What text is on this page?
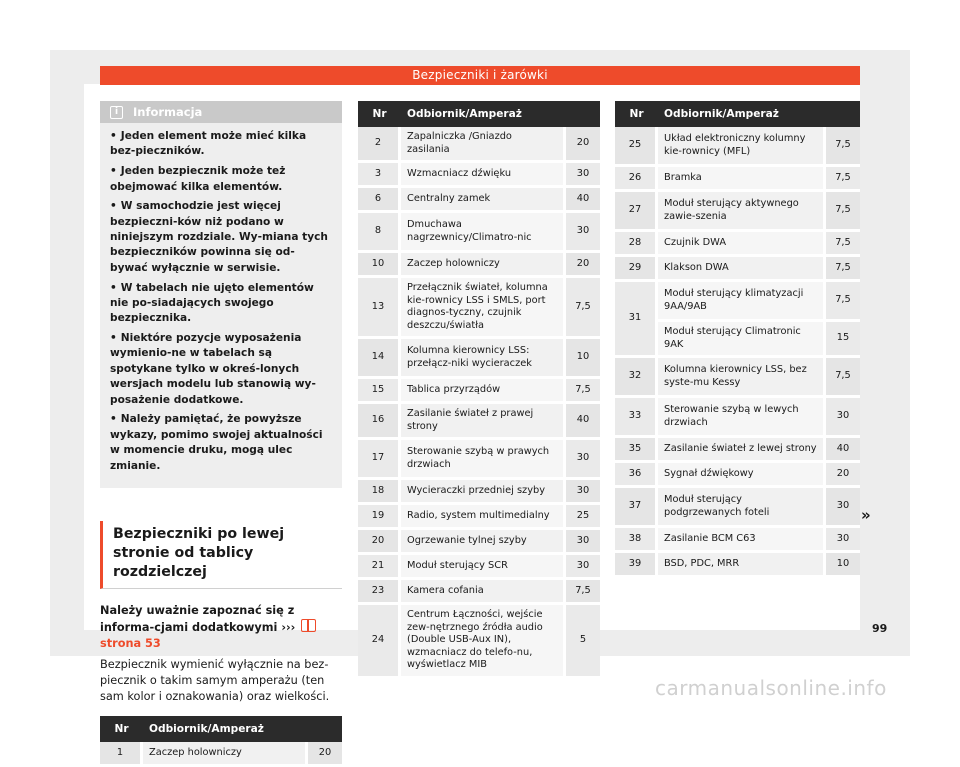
Bezpieczniki i żarówki
i	Informacja
• Jeden element może mieć kilka bez-pieczników.
• Jeden bezpiecznik może też obejmować kilka elementów.
• W samochodzie jest więcej bezpieczni-ków niż podano w niniejszym rozdziale. Wy-miana tych bezpieczników powinna się od-bywać wyłącznie w serwisie.
• W tabelach nie ujęto elementów nie po-siadających swojego bezpiecznika.
• Niektóre pozycje wyposażenia wymienio-ne w tabelach są spotykane tylko w okreś-lonych wersjach modelu lub stanowią wy-posażenie dodatkowe.
• Należy pamiętać, że powyższe wykazy, pomimo swojej aktualności w momencie druku, mogą ulec zmianie.
Bezpieczniki po lewej stronie od tablicy rozdzielczej
Należy uważnie zapoznać się z informa-cjami dodatkowymi ›››  strona 53
Bezpiecznik wymienić wyłącznie na bez-piecznik o takim samym amperażu (ten sam kolor i oznakowania) oraz wielkości.
Nr	Odbiornik/Amperaż	
1	Zaczep holowniczy	20
Nr	Odbiornik/Amperaż	
2	Zapalniczka /Gniazdo zasilania	20
3	Wzmacniacz dźwięku	30
6	Centralny zamek	40
8	Dmuchawa nagrzewnicy/Climatro-nic	30
10	Zaczep holowniczy	20
13	Przełącznik świateł, kolumna kie-rownicy LSS i SMLS, port diagnos-tyczny, czujnik deszczu/światła	7,5
14	Kolumna kierownicy LSS: przełącz-niki wycieraczek	10
15	Tablica przyrządów	7,5
16	Zasilanie świateł z prawej strony	40
17	Sterowanie szybą w prawych drzwiach	30
18	Wycieraczki przedniej szyby	30
19	Radio, system multimedialny	25
20	Ogrzewanie tylnej szyby	30
21	Moduł sterujący SCR	30
23	Kamera cofania	7,5
24	Centrum Łączności, wejście zew-nętrznego źródła audio (Double USB-Aux IN), wzmacniacz do telefo-nu, wyświetlacz MIB	5
Nr	Odbiornik/Amperaż	
25	Układ elektroniczny kolumny kie-rownicy (MFL)	7,5
26	Bramka	7,5
27	Moduł sterujący aktywnego zawie-szenia	7,5
28	Czujnik DWA	7,5
29	Klakson DWA	7,5
31	Moduł sterujący klimatyzacji 9AA/9AB	7,5
	Moduł sterujący Climatronic 9AK	15
32	Kolumna kierownicy LSS, bez syste-mu Kessy	7,5
33	Sterowanie szybą w lewych drzwiach	30
35	Zasilanie świateł z lewej strony	40
36	Sygnał dźwiękowy	20
37	Moduł sterujący podgrzewanych foteli	30
38	Zasilanie BCM C63	30
39	BSD, PDC, MRR	10
»
99
carmanualsonline.info
